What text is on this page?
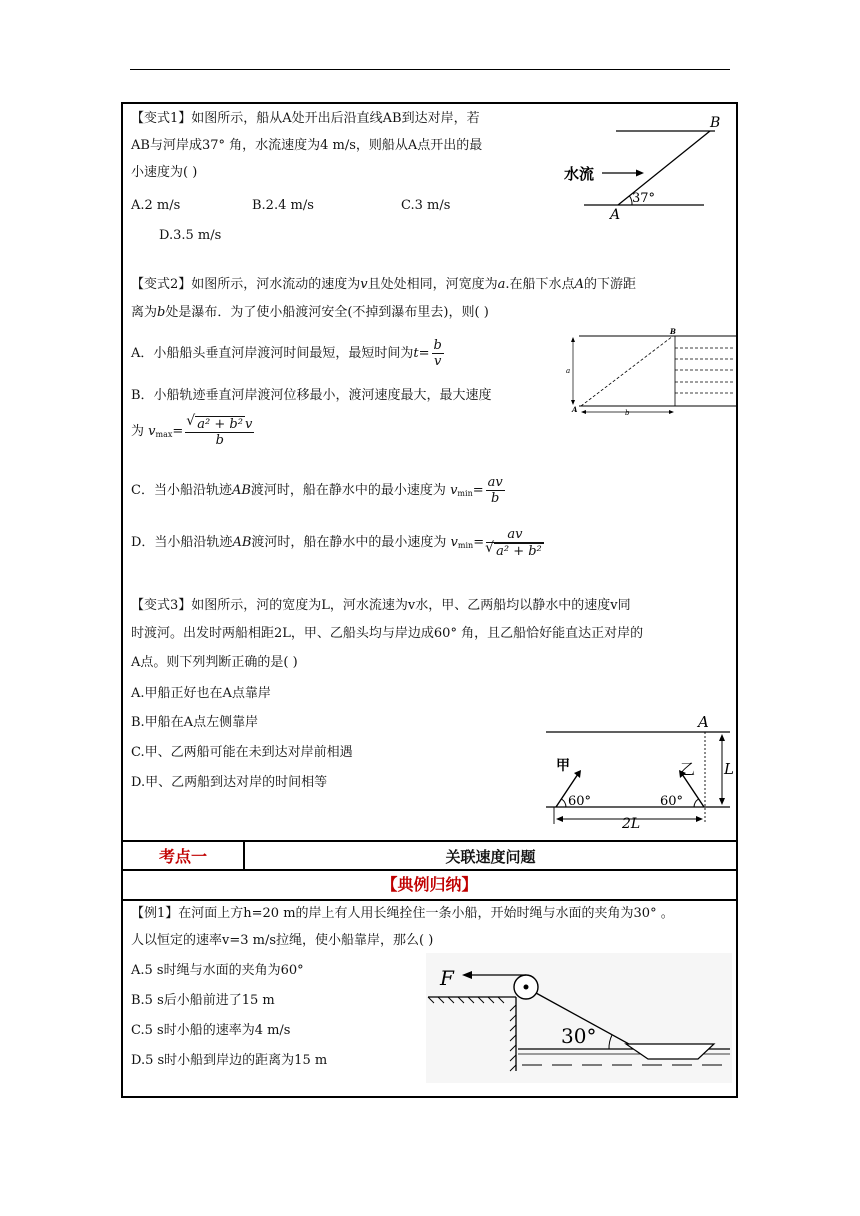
【变式1】如图所示，船从A处开出后沿直线AB到达对岸，若
AB与河岸成37° 角，水流速度为4 m/s，则船从A点开出的最
小速度为( )
A.2 m/s	B.2.4 m/s	C.3 m/s
D.3.5 m/s
B
A
水流
37°
【变式2】如图所示，河水流动的速度为v且处处相同，河宽度为a.在船下水点A的下游距
离为b处是瀑布．为了使小船渡河安全(不掉到瀑布里去)，则( )
A．小船船头垂直河岸渡河时间最短，最短时间为$t= \frac{b}{v}$
B．小船轨迹垂直河岸渡河位移最小，渡河速度最大，最大速度
为 $v_{max}=$
√ $\frac{\text{a² + b² v}}{b}$
C．当小船沿轨迹AB渡河时，船在静水中的最小速度为 $v_{min}= \frac{av}{b}$
D．当小船沿轨迹AB渡河时，船在静水中的最小速度为 $v_{min}=$ av
√ a² + b²
B
A
a
b
【变式3】如图所示，河的宽度为L，河水流速为v水，甲、乙两船均以静水中的速度v同
时渡河。出发时两船相距2L，甲、乙船头均与岸边成60° 角，且乙船恰好能直达正对岸的
A点。则下列判断正确的是( )
A.甲船正好也在A点靠岸
B.甲船在A点左侧靠岸
C.甲、乙两船可能在未到达对岸前相遇
D.甲、乙两船到达对岸的时间相等
A
甲	乙 L
60°	60°
2L
考点一	关联速度问题
【典例归纳】
【例1】在河面上方h=20 m的岸上有人用长绳拴住一条小船，开始时绳与水面的夹角为30° 。
人以恒定的速率v=3 m/s拉绳，使小船靠岸，那么( )
A.5 s时绳与水面的夹角为60°
B.5 s后小船前进了15 m
C.5 s时小船的速率为4 m/s
D.5 s时小船到岸边的距离为15 m
F
30°
